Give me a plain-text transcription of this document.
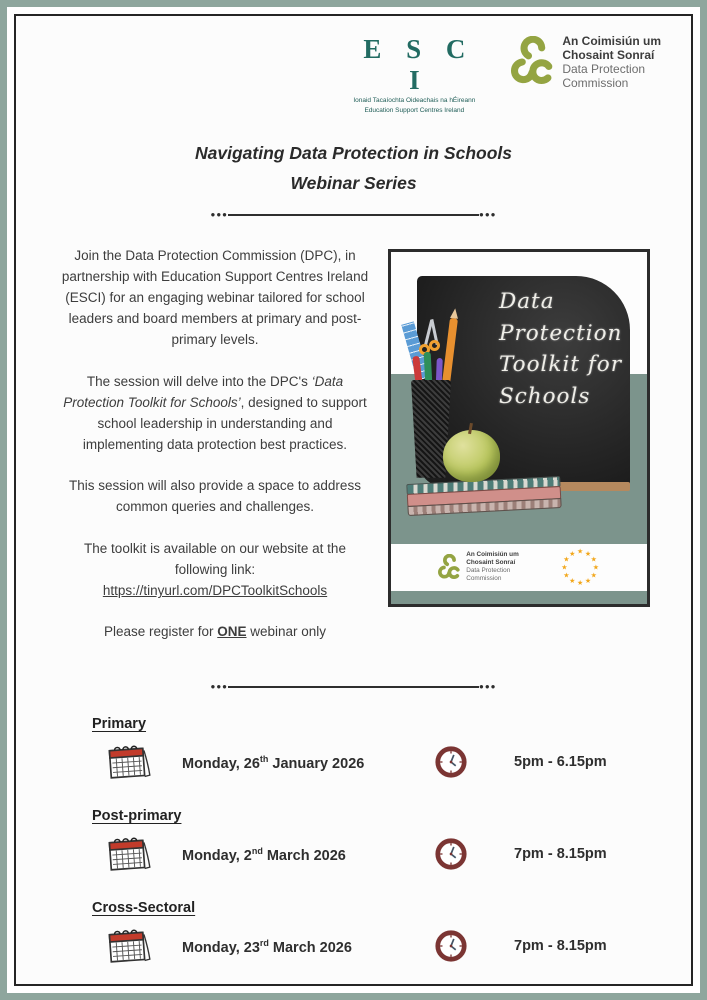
E S C I
Ionaid Tacaíochta Oideachais na hÉireann
Education Support Centres Ireland
An Coimisiún um
Chosaint Sonraí
Data Protection
Commission
Navigating Data Protection in Schools
Webinar Series
●●●	●●●

Join the Data Protection Commission (DPC), in partnership with Education Support Centres Ireland (ESCI) for an engaging webinar tailored for school leaders and board members at primary and post-primary levels.

The session will delve into the DPC's ‘Data Protection Toolkit for Schools’, designed to support school leadership in understanding and implementing data protection best practices.

This session will also provide a space to address common queries and challenges.

The toolkit is available on our website at the following link:
https://tinyurl.com/DPCToolkitSchools

Please register for ONE webinar only

Data
Protection
Toolkit for
Schools
An Coimisiún um
Chosaint Sonraí
Data Protection
Commission
★
★
★
★
★
★
★
★
★ ★ ★
★
●●●	●●●
Primary
Monday, 26th January 2026	5pm - 6.15pm
Post-primary
Monday, 2nd March 2026	7pm - 8.15pm
Cross-Sectoral
Monday, 23rd March 2026	7pm - 8.15pm
